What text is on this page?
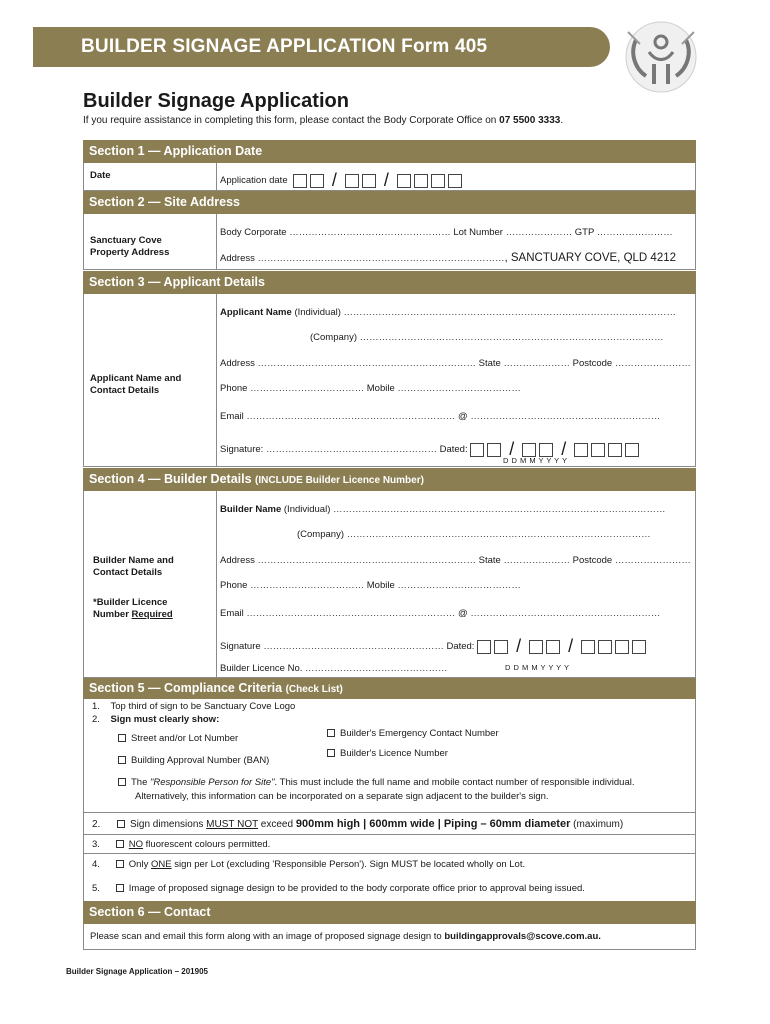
BUILDER SIGNAGE APPLICATION Form 405
Builder Signage Application
If you require assistance in completing this form, please contact the Body Corporate Office on 07 5500 3333.
Section 1 — Application Date
Date	Application date /	/
Section 2 — Site Address
Sanctuary Cove
Property Address
Body Corporate …………………………………………… Lot Number ………………… GTP ……………………
Address ……………………………………………………………………, SANCTUARY COVE, QLD 4212
Section 3 — Applicant Details
Applicant Name and
Contact Details
Applicant Name (Individual) ……………………………………………………………………………………………
(Company) ……………………………………………………………………………………
Address …………………………………………………………… State ………………… Postcode ……………………
Phone ……………………………… Mobile …………………………………
Email ………………………………………………………… @ ……………………………………………………
Signature: ……………………………………………… Dated: /	/
D D M M Y Y Y Y
Section 4 — Builder Details (INCLUDE Builder Licence Number)
Builder Name and
Contact Details
*Builder Licence
Number Required
Builder Name (Individual) ……………………………………………………………………………………………
(Company) ……………………………………………………………………………………
Address …………………………………………………………… State ………………… Postcode ……………………
Phone ……………………………… Mobile …………………………………
Email ………………………………………………………… @ ……………………………………………………
Signature ………………………………………………… Dated: /	/
Builder Licence No. ………………………………………	D D M M Y Y Y Y
Section 5 — Compliance Criteria (Check List)
1.    Top third of sign to be Sanctuary Cove Logo
2.    Sign must clearly show:
Street and/or Lot Number	Builder's Emergency Contact Number
Builder's Licence Number
Building Approval Number (BAN)
The "Responsible Person for Site". This must include the full name and mobile contact number of responsible individual.
Alternatively, this information can be incorporated on a separate sign adjacent to the builder's sign.
2.	Sign dimensions MUST NOT exceed 900mm high | 600mm wide | Piping – 60mm diameter (maximum)
3.	NO fluorescent colours permitted.
4.	Only ONE sign per Lot (excluding 'Responsible Person'). Sign MUST be located wholly on Lot.
5.	Image of proposed signage design to be provided to the body corporate office prior to approval being issued.
Section 6 — Contact
Please scan and email this form along with an image of proposed signage design to buildingapprovals@scove.com.au.
Builder Signage Application – 201905
